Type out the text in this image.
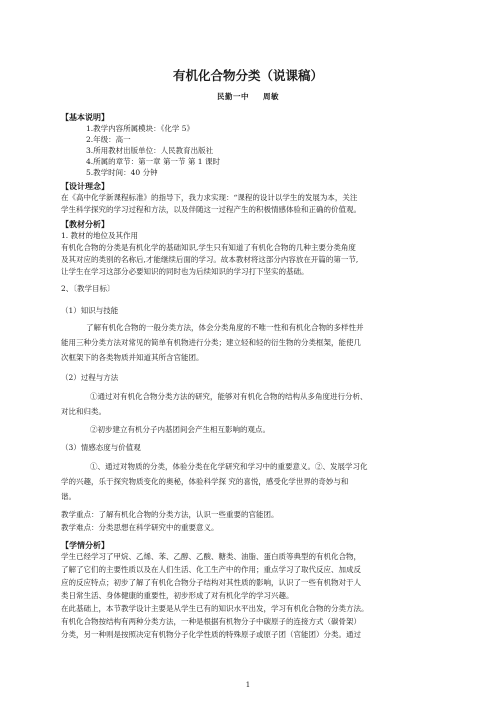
有机化合物分类（说课稿）
民勤一中 周敏
【基本说明】
1.教学内容所属模块：《化学 5》
2.年级：高一
3.所用教材出版单位：人民教育出版社
4.所属的章节：第一章 第一节 第 1 课时
5.教学时间：40 分钟
【设计理念】
在《高中化学新课程标准》的指导下，我力求实现：“课程的设计以学生的发展为本，关注
学生科学探究的学习过程和方法，以及伴随这一过程产生的积极情感体验和正确的价值观。
【教材分析】
1. 教材的地位及其作用
有机化合物的分类是有机化学的基础知识,学生只有知道了有机化合物的几种主要分类角度
及其对应的类别的名称后,才能继续后面的学习。故本教材将这部分内容放在开篇的第一节,
让学生在学习这部分必要知识的同时也为后续知识的学习打下坚实的基础。
2、〔教学目标〕
（1）知识与技能
了解有机化合物的一般分类方法，体会分类角度的不唯一性和有机化合物的多样性并
能用三种分类方法对常见的简单有机物进行分类；建立轻和轻的衍生物的分类框架，能使几
次框架下的各类物质并知道其所含官能团。
（2）过程与方法
①通过对有机化合物分类方法的研究，能够对有机化合物的结构从多角度进行分析、
对比和归类。
②初步建立有机分子内基团间会产生相互影响的观点。
（3）情感态度与价值观
①、通过对物质的分类，体验分类在化学研究和学习中的重要意义。②、发展学习化
学的兴趣，乐于探究物质变化的奥秘，体验科学探 究的喜悦，感受化学世界的奇妙与和
谐。
教学重点：了解有机化合物的分类方法，认识一些重要的官能团。
教学难点：分类思想在科学研究中的重要意义。
【学情分析】
学生已经学习了甲烷、乙烯、苯、乙醇、乙酸、糖类、油脂、蛋白质等典型的有机化合物，
了解了它们的主要性质以及在人们生活、化工生产中的作用；重点学习了取代反应、加成反
应的反应特点；初步了解了有机化合物分子结构对其性质的影响，认识了一些有机物对于人
类日常生活、身体健康的重要性，初步形成了对有机化学的学习兴趣。
在此基础上，本节教学设计主要是从学生已有的知识水平出发，学习有机化合物的分类方法。
有机化合物按结构有两种分类方法，一种是根据有机物分子中碳原子的连接方式（碳骨架）
分类，另一种则是按照决定有机物分子化学性质的特殊原子或原子团（官能团）分类。通过
1
